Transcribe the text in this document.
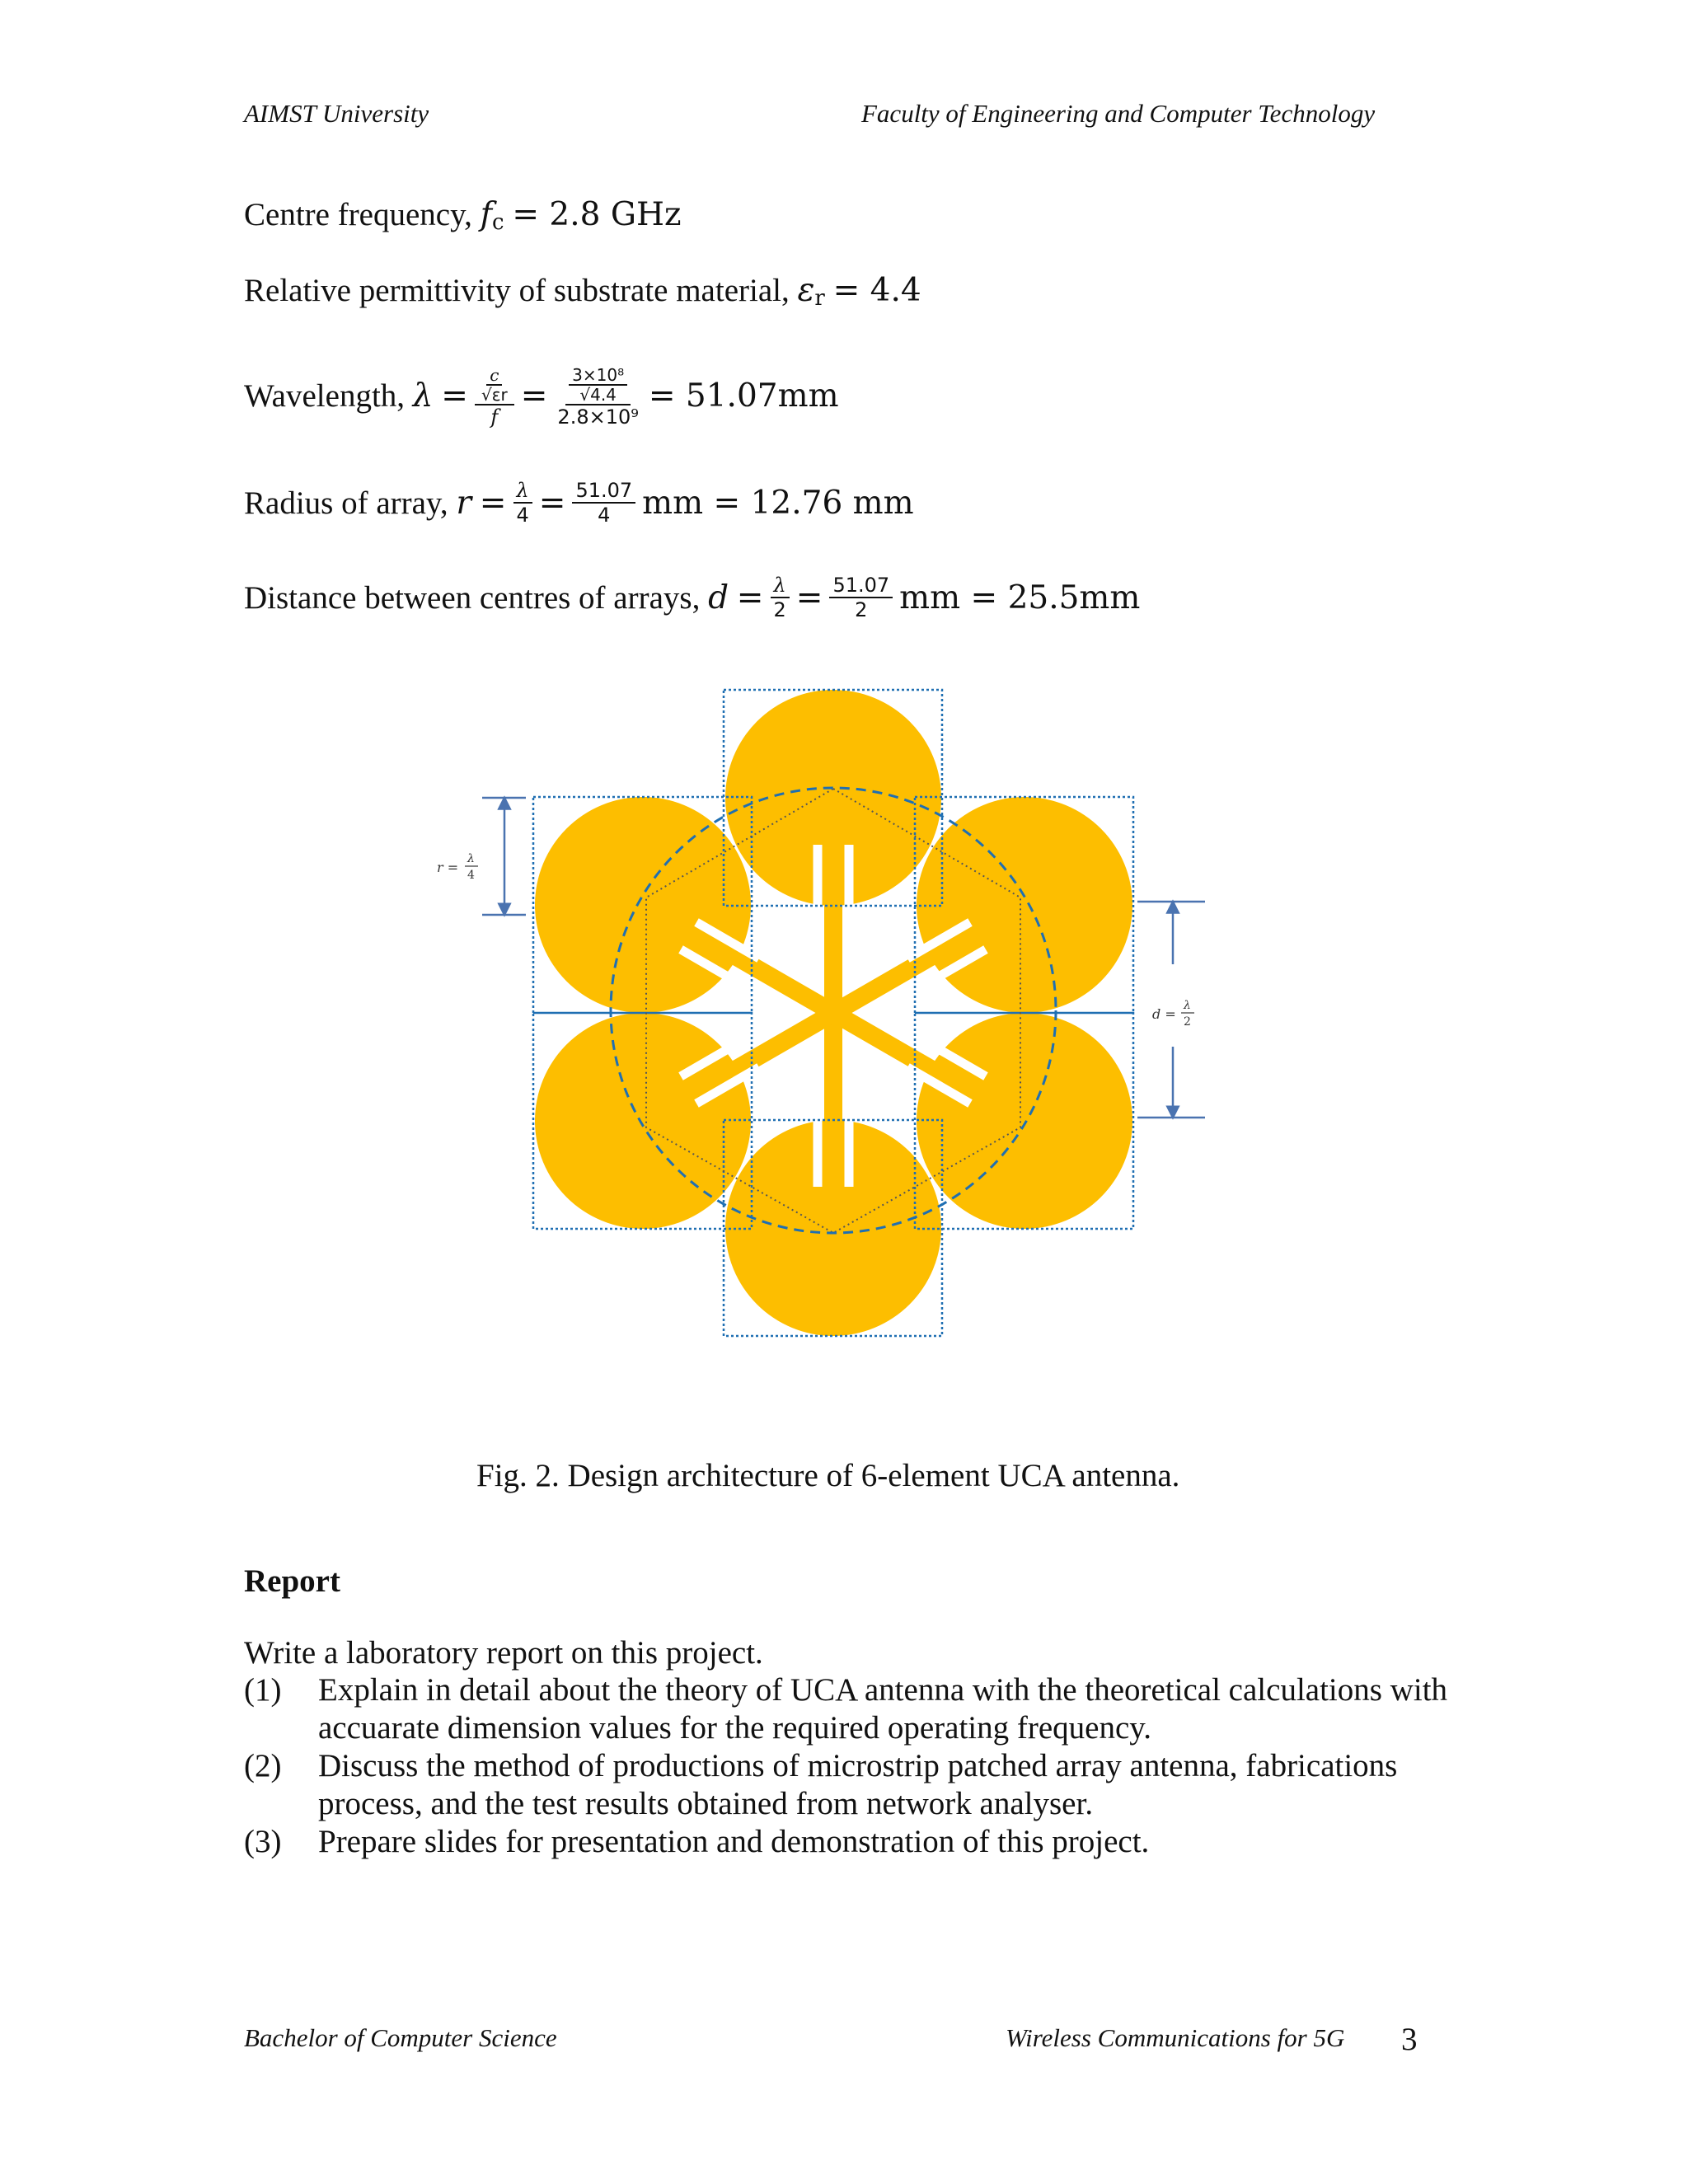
AIMST University	Faculty of Engineering and Computer Technology
Centre frequency,
f c
= 2.8 GHz
Relative permittivity of substrate material,
ε r
= 4.4
Wavelength,
λ
= $\frac{\frac{c}{√\varepsilon r}}{f} = \frac{\frac{\text{3×10⁸}}{√4.4}}{\text{2.8×10⁹}} = 51.07mm$
Radius of array,
r
= $\frac{\lambda}{4} = \frac{51.07}{4}$ mm = 12.76 mm
Distance between centres of arrays,
d
= $\frac{\lambda}{2} = \frac{51.07}{2}$ mm = 25.5mm
r =
λ
4
d =
λ
2
Fig. 2. Design architecture of 6-element UCA antenna.
Report
Write a laboratory report on this project.
(1) Explain in detail about the theory of UCA antenna with the theoretical calculations with accuarate dimension values for the required operating frequency.
(2) Discuss the method of productions of microstrip patched array antenna, fabrications process, and the test results obtained from network analyser.
(3) Prepare slides for presentation and demonstration of this project.
Bachelor of Computer Science	Wireless Communications for 5G 3
